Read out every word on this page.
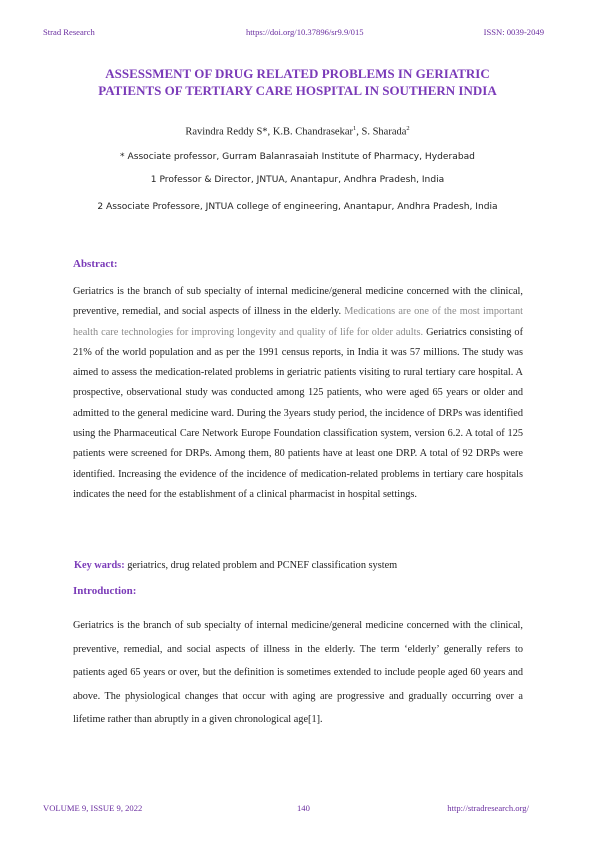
Strad Research	https://doi.org/10.37896/sr9.9/015	ISSN: 0039-2049
ASSESSMENT OF DRUG RELATED PROBLEMS IN GERIATRIC
PATIENTS OF TERTIARY CARE HOSPITAL IN SOUTHERN INDIA
Ravindra Reddy S*, K.B. Chandrasekar$^1$, S. Sharada$^2$
* Associate professor, Gurram Balanrasaiah Institute of Pharmacy, Hyderabad
1 Professor & Director, JNTUA, Anantapur, Andhra Pradesh, India
2 Associate Professore, JNTUA college of engineering, Anantapur, Andhra Pradesh, India
Abstract:
Geriatrics is the branch of sub specialty of internal medicine/general medicine concerned with the clinical, preventive, remedial, and social aspects of illness in the elderly. Medications are one of the most important health care technologies for improving longevity and quality of life for older adults. Geriatrics consisting of 21% of the world population and as per the 1991 census reports, in India it was 57 millions. The study was aimed to assess the medication-related problems in geriatric patients visiting to rural tertiary care hospital. A prospective, observational study was conducted among 125 patients, who were aged 65 years or older and admitted to the general medicine ward. During the 3years study period, the incidence of DRPs was identified using the Pharmaceutical Care Network Europe Foundation classification system, version 6.2. A total of 125 patients were screened for DRPs. Among them, 80 patients have at least one DRP. A total of 92 DRPs were identified. Increasing the evidence of the incidence of medication-related problems in tertiary care hospitals indicates the need for the establishment of a clinical pharmacist in hospital settings.
Key wards: geriatrics, drug related problem and PCNEF classification system
Introduction:
Geriatrics is the branch of sub specialty of internal medicine/general medicine concerned with the clinical, preventive, remedial, and social aspects of illness in the elderly. The term ‘elderly’ generally refers to patients aged 65 years or over, but the definition is sometimes extended to include people aged 60 years and above. The physiological changes that occur with aging are progressive and gradually occurring over a lifetime rather than abruptly in a given chronological age[1].
VOLUME 9, ISSUE 9, 2022	140	http://stradresearch.org/
